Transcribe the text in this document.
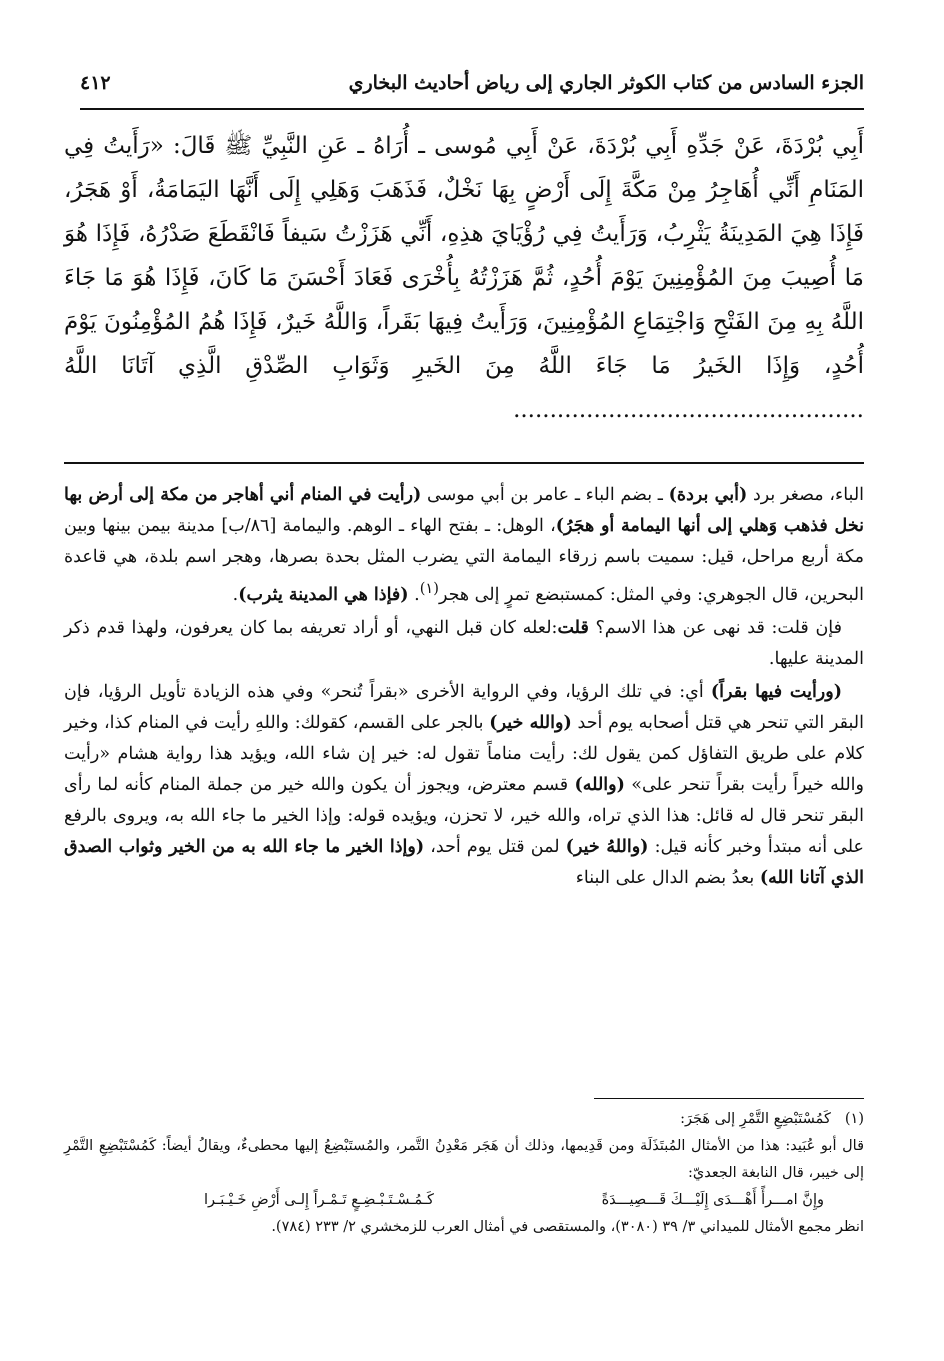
الجزء السادس من كتاب الكوثر الجاري إلى رياض أحاديث البخاري
٤١٢
أَبِي بُرْدَةَ، عَنْ جَدِّهِ أَبِي بُرْدَةَ، عَنْ أَبِي مُوسى ـ أُرَاهُ ـ عَنِ النَّبِيِّ ﷺ قَالَ: «رَأَيتُ فِي المَنَامِ أَنِّي أُهَاجِرُ مِنْ مَكَّةَ إِلَى أَرْضٍ بِهَا نَخْلٌ، فَذَهَبَ وَهَلِي إِلَى أَنَّهَا اليَمَامَةُ، أَوْ هَجَرُ، فَإِذَا هِيَ المَدِينَةُ يَثْرِبُ، وَرَأَيتُ فِي رُؤْيَايَ هذِهِ، أَنِّي هَزَزْتُ سَيفاً فَانْقَطَعَ صَدْرُهُ، فَإِذَا هُوَ مَا أُصِيبَ مِنَ المُؤْمِنِينَ يَوْمَ أُحُدٍ، ثُمَّ هَزَزْتُهُ بِأُخْرَى فَعَادَ أَحْسَنَ مَا كَانَ، فَإِذَا هُوَ مَا جَاءَ اللَّهُ بِهِ مِنَ الفَتْحِ وَاجْتِمَاعِ المُؤْمِنِينَ، وَرَأَيتُ فِيهَا بَقَراً، وَاللَّهُ خَيرٌ، فَإِذَا هُمُ المُؤْمِنُونَ يَوْمَ أُحُدٍ، وَإِذَا الخَيرُ مَا جَاءَ اللَّهُ مِنَ الخَيرِ وَثَوَابِ الصِّدْقِ الَّذِي آتَانَا اللَّهُ ................................................

الباء، مصغر برد (أبي بردة) ـ بضم الباء ـ عامر بن أبي موسى (رأيت في المنام أني أهاجر من مكة إلى أرض بها نخل فذهب وَهلي إلى أنها اليمامة أو هجَرُ)، الوهل: ـ بفتح الهاء ـ الوهم. واليمامة [٨٦/ب] مدينة بيمن بينها وبين مكة أربع مراحل، قيل: سميت باسم زرقاء اليمامة التي يضرب المثل بحدة بصرها، وهجر اسم بلدة، هي قاعدة البحرين، قال الجوهري: وفي المثل: كمستبضع تمرٍ إلى هجر$^{(١)}$. (فإذا هي المدينة يثرب).

فإن قلت: قد نهى عن هذا الاسم؟ قلت:لعله كان قبل النهي، أو أراد تعريفه بما كان يعرفون، ولهذا قدم ذكر المدينة عليها.

(ورأيت فيها بقراً) أي: في تلك الرؤيا، وفي الرواية الأخرى «بقراً تُنحر» وفي هذه الزيادة تأويل الرؤيا، فإن البقر التي تنحر هي قتل أصحابه يوم أحد (والله خير) بالجر على القسم، كقولك: واللهِ رأيت في المنام كذا، وخير كلام على طريق التفاؤل كمن يقول لك: رأيت مناماً تقول له: خير إن شاء الله، ويؤيد هذا رواية هشام «رأيت والله خيراً رأيت بقراً تنحر على» (والله) قسم معترض، ويجوز أن يكون والله خير من جملة المنام كأنه لما رأى البقر تنحر قال له قائل: هذا الذي تراه، والله خير، لا تحزن، ويؤيده قوله: وإذا الخير ما جاء الله به، ويروى بالرفع على أنه مبتدأ وخبر كأنه قيل: (واللهُ خير) لمن قتل يوم أحد، (وإذا الخير ما جاء الله به من الخير وثواب الصدق الذي آتانا الله) بعدُ بضم الدال على البناء

(١)
كَمُسْتَبْضِعِ التَّمْرِ إلى هَجَرَ:

قال أبو عُبَيد: هذا من الأمثال المُبتَذَلَة ومن قَدِيمها، وذلك أن هَجَر مَعْدِنُ التَّمر، والمُستَبْضِعُ إليها محطىءٌ، ويقالُ أيضاً: كَمُسْتَبْضِعِ التَّمْرِ إلى خيبر، قال النابغة الجعديّ:

وإِنَّ امـــرأً أَهْـــدَى إِلَيْـــكَ قَـــصِيـــدَةً
كَـمُـسْـتَـبْـضِـعٍ تَـمْـراً إِلـى أَرْضِ خَـيْـبَـرا

انظر مجمع الأمثال للميداني ٣/ ٣٩ (٣٠٨٠)، والمستقصى في أمثال العرب للزمخشري ٢/ ٢٣٣ (٧٨٤).
